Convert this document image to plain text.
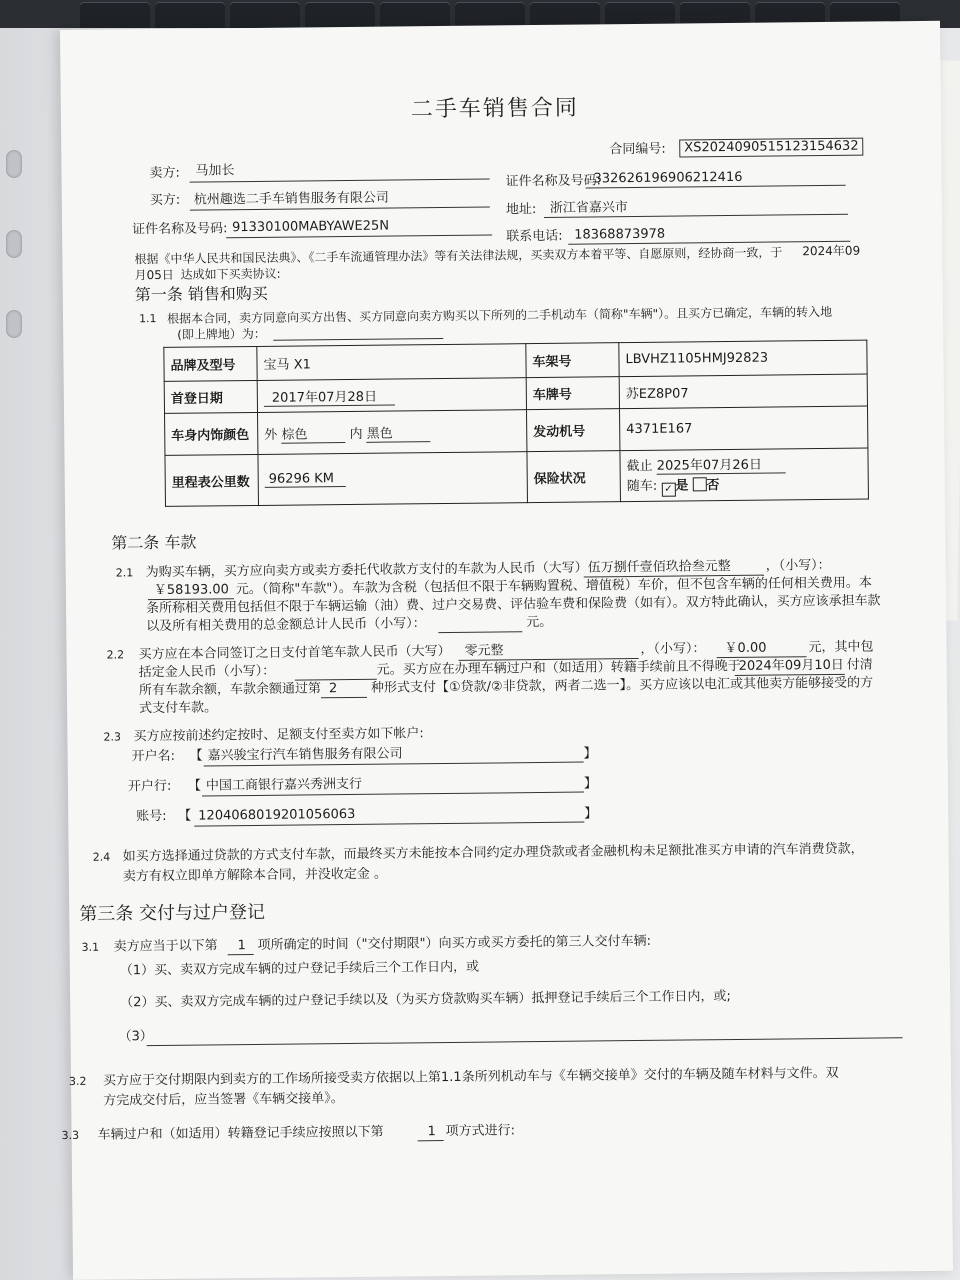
二手车销售合同
合同编号:	XS2024090515123154632
卖方: 马加长
证件名称及号码:
332626196906212416
买方: 杭州趣选二手车销售服务有限公司
地址: 浙江省嘉兴市
证件名称及号码: 91330100MABYAWE25N
联系电话: 18368873978
根据《中华人民共和国民法典》、《二手车流通管理办法》等有关法律法规，买卖双方本着平等、自愿原则，经协商一致，于 2024年09
月05日 达成如下买卖协议:
第一条 销售和购买
1.1 根据本合同，卖方同意向买方出售、买方同意向卖方购买以下所列的二手机动车（简称"车辆"）。且买方已确定，车辆的转入地
(即上牌地）为：
品牌及型号	宝马 X1	车架号	LBVHZ1105HMJ92823
首登日期	2017年07月28日	车牌号	苏EZ8P07
车身内饰颜色	外 棕色 内 黑色	发动机号	4371E167
里程表公里数	96296 KM	保险状况	截止 2025年07月26日
随车: ✓ 是 否
第二条 车款
2.1 为购买车辆，买方应向卖方或卖方委托代收款方支付的车款为人民币（大写） 伍万捌仟壹佰玖拾叁元整	，（小写）：
￥58193.00 元。（简称"车款"）。车款为含税（包括但不限于车辆购置税、增值税）车价，但不包含车辆的任何相关费用。本
条所称相关费用包括但不限于车辆运输（油）费、过户交易费、评估验车费和保险费（如有）。双方特此确认，买方应该承担车款
以及所有相关费用的总金额总计人民币（小写）：	元。
2.2 买方应在本合同签订之日支付首笔车款人民币（大写） 零元整	，（小写）： ￥0.00	元，其中包
括定金人民币（小写）：	元。买方应在办理车辆过户和（如适用）转籍手续前且不得晚于
2024年09月10日 付清
所有车款余额，车款余额通过第 2	种形式支付【①贷款/②非贷款，两者二选一】。买方应该以电汇或其他卖方能够接受的方
式支付车款。
2.3 买方应按前述约定按时、足额支付至卖方如下帐户:
开户名: 【 嘉兴骏宝行汽车销售服务有限公司	】
开户行: 【 中国工商银行嘉兴秀洲支行	】
账号: 【 1204068019201056063	】
2.4 如买方选择通过贷款的方式支付车款，而最终买方未能按本合同约定办理贷款或者金融机构未足额批准买方申请的汽车消费贷款，
卖方有权立即单方解除本合同，并没收定金 。
第三条 交付与过户登记
3.1 卖方应当于以下第 1 项所确定的时间（"交付期限"）向买方或买方委托的第三人交付车辆:
（1）买、卖双方完成车辆的过户登记手续后三个工作日内，或
（2）买、卖双方完成车辆的过户登记手续以及（为买方贷款购买车辆）抵押登记手续后三个工作日内，或;
（3）
3.2 买方应于交付期限内到卖方的工作场所接受卖方依据以上第1.1条所列机动车与《车辆交接单》交付的车辆及随车材料与文件。双
方完成交付后，应当签署《车辆交接单》。
3.3 车辆过户和（如适用）转籍登记手续应按照以下第	1 项方式进行:
